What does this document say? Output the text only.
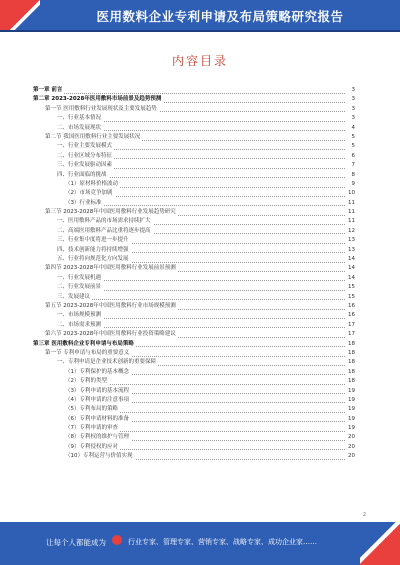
医用数料企业专利申请及布局策略研究报告
内容目录
第一章 前言	3
第二章 2023-2028年医用敷料市场前景及趋势预测	3
第一节 医用敷料行业发展现状及主要发展趋势	3
一、行业基本情况	3
二、市场发展现状	4
第二节 我国医用敷料行业主要发展状况	5
一、行业主要发展模式	5
二、行业区域分布特征	6
三、行业发展驱动因素	7
四、行业面临的挑战	8
（1）原材料价格波动	9
（2）市场竞争加剧	10
（3）行业标准	11
第三节 2023-2028年中国医用敷料行业发展趋势研究	11
一、医用敷料产品的市场需求持续扩大	11
二、高端医用敷料产品比重将逐步提高	12
三、行业集中度将进一步提升	13
四、技术创新能力将持续增强	13
五、行业将向规范化方向发展	14
第四节 2023-2028年中国医用敷料行业发展前景预测	14
一、行业发展机遇	14
二、行业发展前景	15
三、发展建议	15
第五节 2023-2028年中国医用敷料行业市场规模预测	16
一、市场规模预测	16
二、市场需求预测	17
第六节 2023-2028年中国医用敷料行业投资策略建议	17
第三章 医用敷料企业专利申请与布局策略	18
第一节 专利申请与布局的重要意义	18
一、专利申请是企业技术创新的重要保障	18
（1）专利保护的基本概念	18
（2）专利的类型	18
（3）专利申请的基本流程	19
（4）专利申请的注意事项	19
（5）专利布局的策略	19
（6）专利申请材料的准备	19
（7）专利申请的审查	19
（8）专利权的维护与管理	20
（9）专利侵权的应对	20
（10）专利运营与价值实现	20
2
让每个人都能成为	行业专家、管理专家、营销专家、战略专家、成功企业家……
